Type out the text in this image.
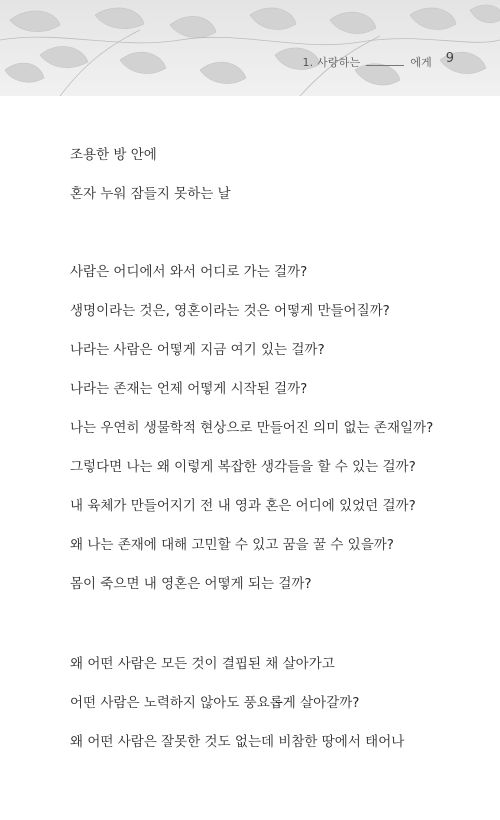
1. 사랑하는	에게	9
조용한 방 안에
혼자 누워 잠들지 못하는 날
사람은 어디에서 와서 어디로 가는 걸까?
생명이라는 것은, 영혼이라는 것은 어떻게 만들어질까?
나라는 사람은 어떻게 지금 여기 있는 걸까?
나라는 존재는 언제 어떻게 시작된 걸까?
나는 우연히 생물학적 현상으로 만들어진 의미 없는 존재일까?
그렇다면 나는 왜 이렇게 복잡한 생각들을 할 수 있는 걸까?
내 육체가 만들어지기 전 내 영과 혼은 어디에 있었던 걸까?
왜 나는 존재에 대해 고민할 수 있고 꿈을 꿀 수 있을까?
몸이 죽으면 내 영혼은 어떻게 되는 걸까?
왜 어떤 사람은 모든 것이 결핍된 채 살아가고
어떤 사람은 노력하지 않아도 풍요롭게 살아갈까?
왜 어떤 사람은 잘못한 것도 없는데 비참한 땅에서 태어나
